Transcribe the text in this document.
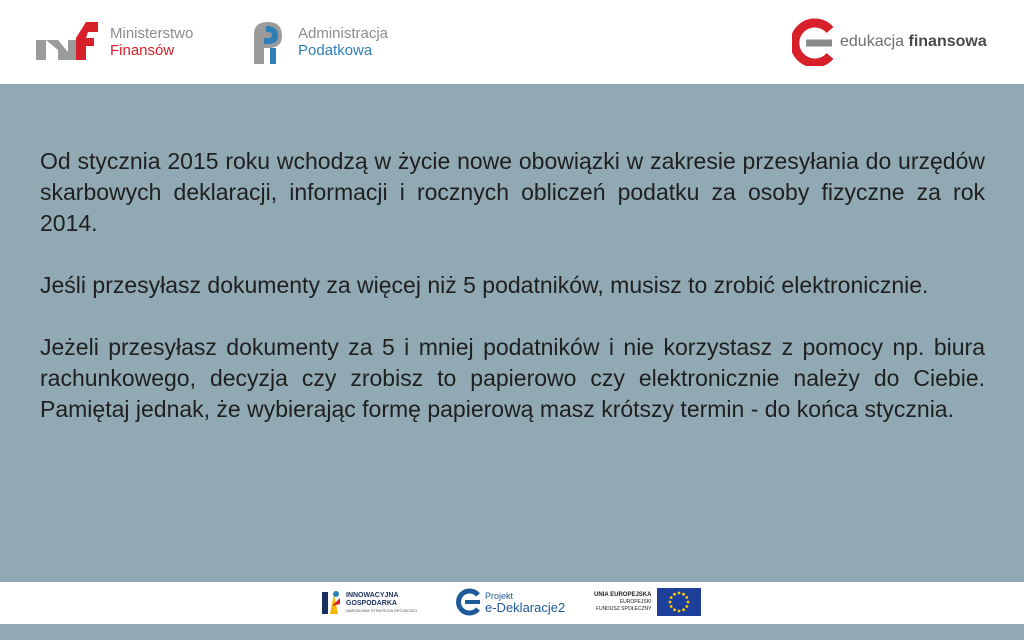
Ministerstwo
Finansów
Administracja
Podatkowa
edukacja finansowa

Od stycznia 2015 roku wchodzą w życie nowe obowiązki w zakresie przesyłania do urzędów skarbowych deklaracji, informacji i rocznych obliczeń podatku za osoby fizyczne za rok 2014.

Jeśli przesyłasz dokumenty za więcej niż 5 podatników, musisz to zrobić elektronicznie.

Jeżeli przesyłasz dokumenty za 5 i mniej podatników i nie korzystasz z pomocy np. biura rachunkowego, decyzja czy zrobisz to papierowo czy elektronicznie należy do Ciebie. Pamiętaj jednak, że wybierając formę papierową masz krótszy termin - do końca stycznia.

INNOWACYJNA
GOSPODARKA
NARODOWA STRATEGIA SPÓJNOŚCI
Projekt
e-Deklaracje2
UNIA EUROPEJSKA
EUROPEJSKI
FUNDUSZ SPOŁECZNY
